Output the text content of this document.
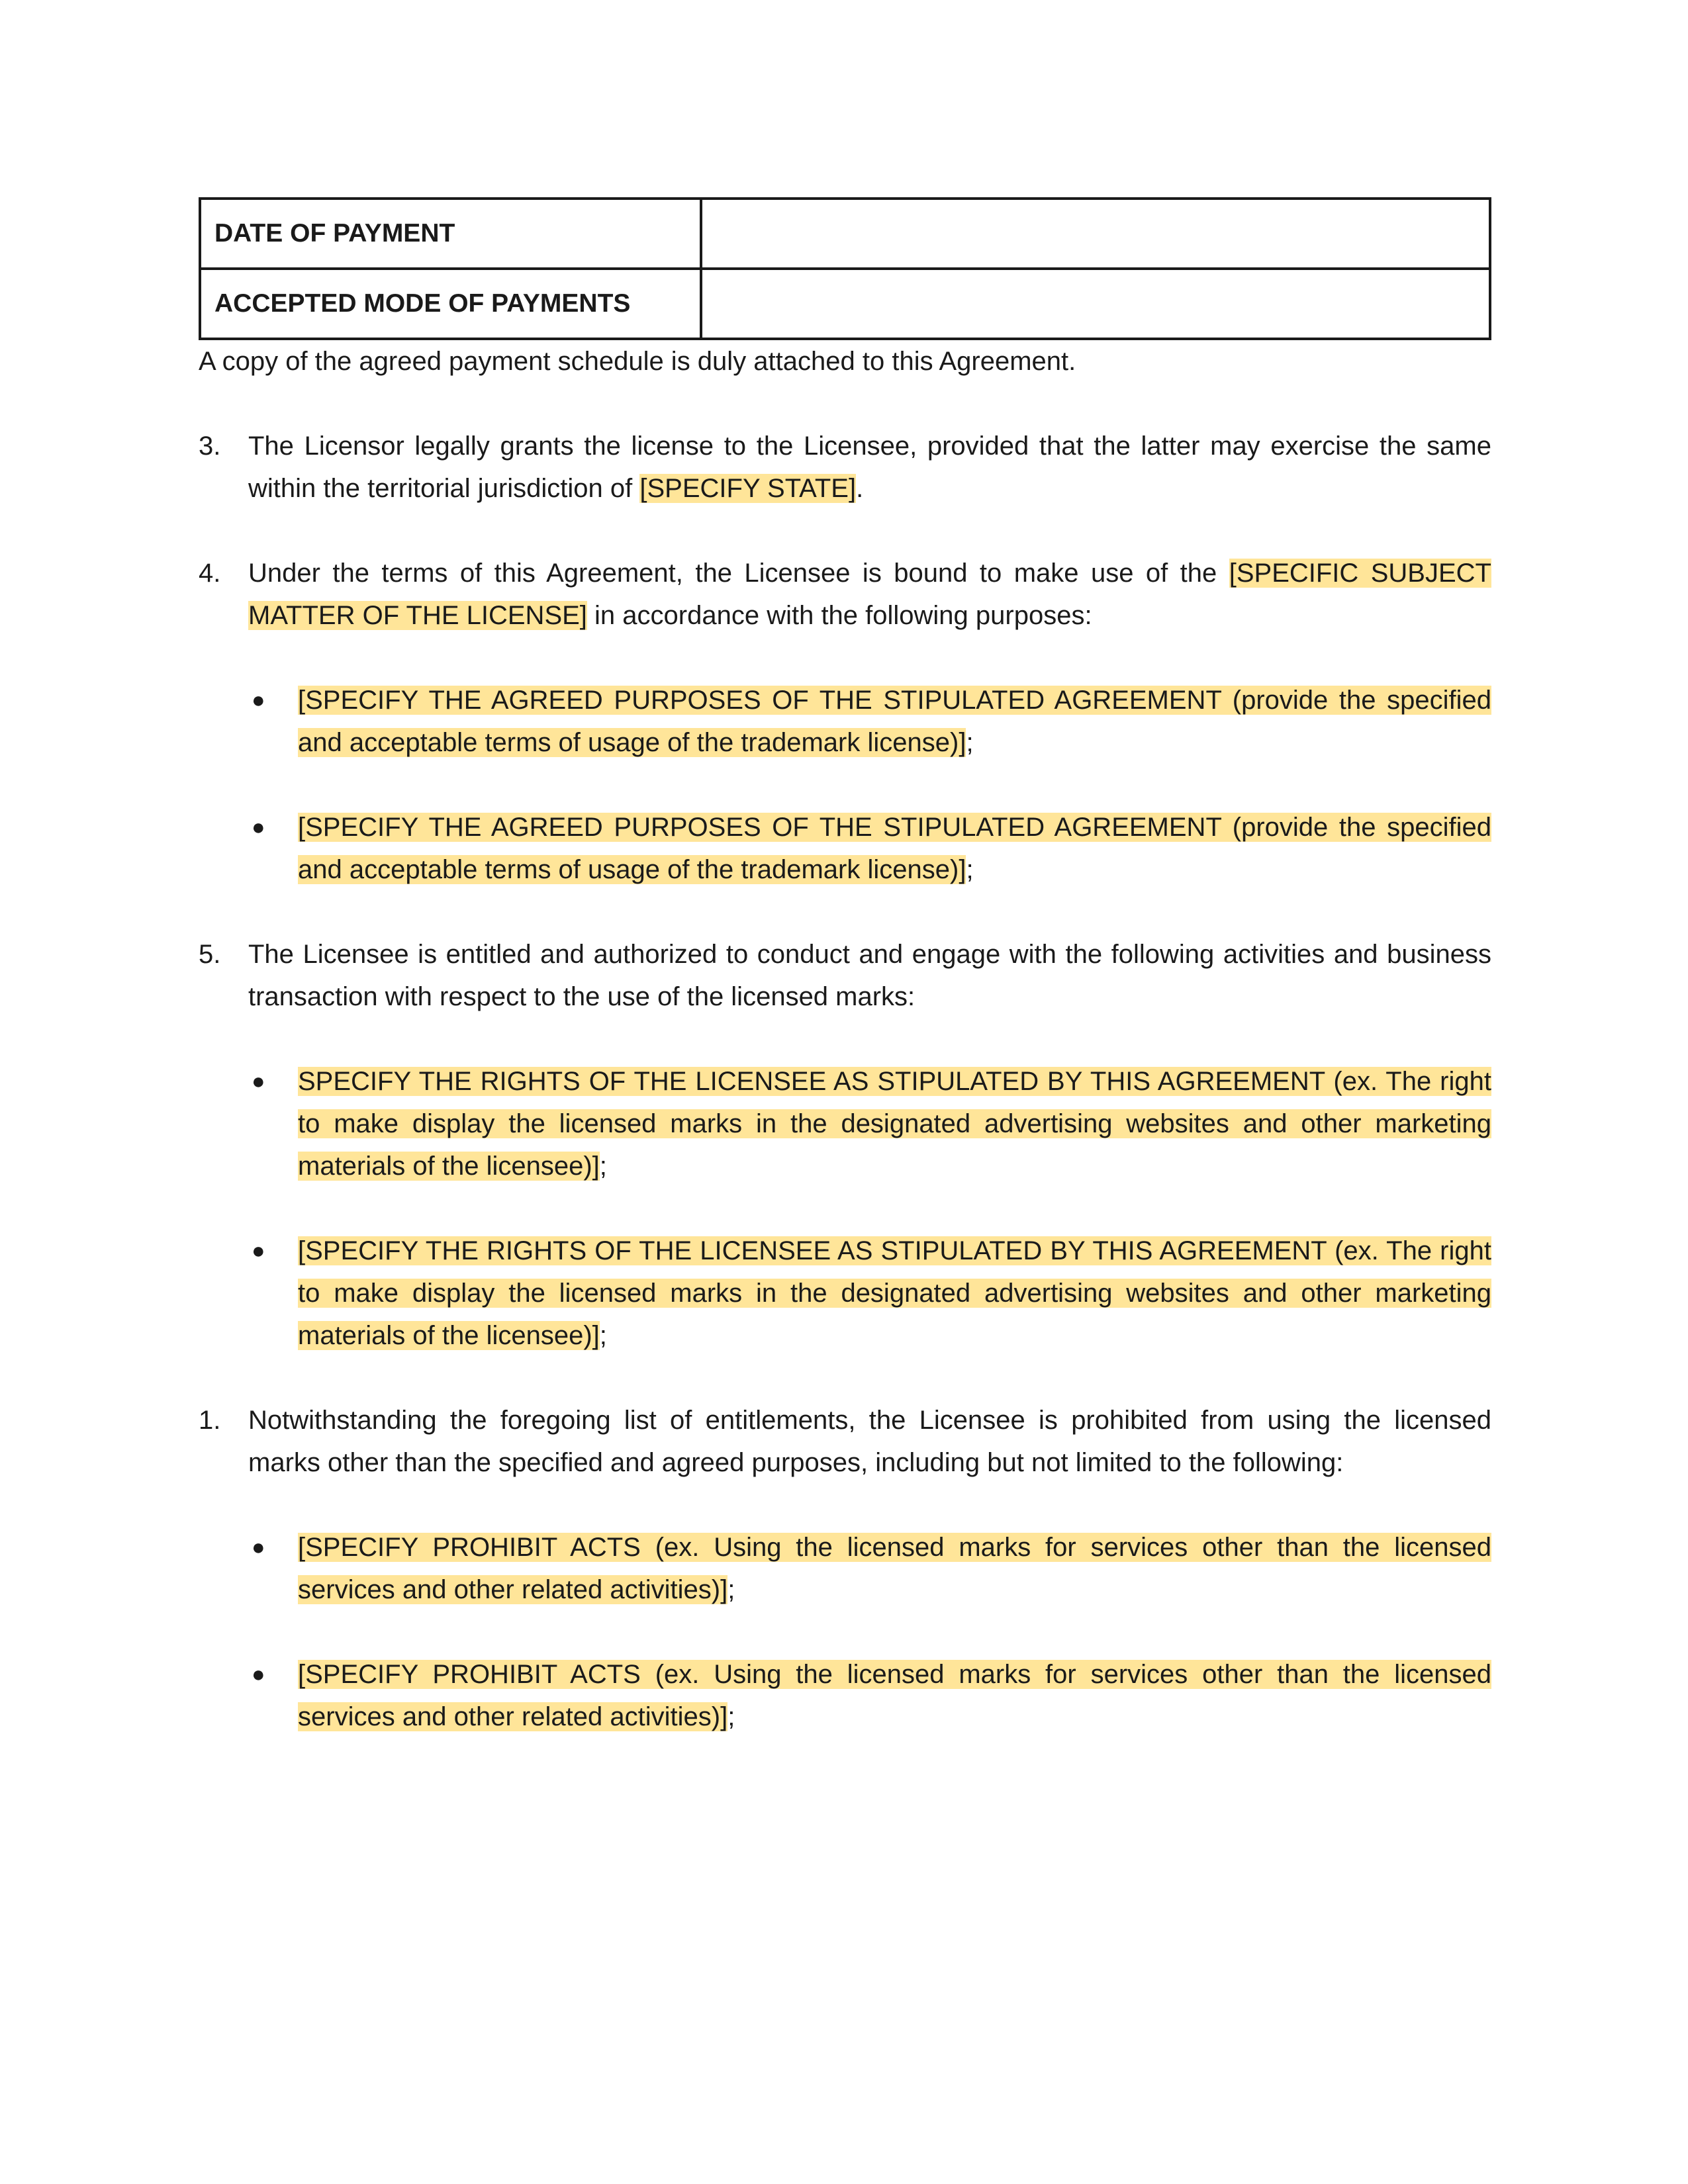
DATE OF PAYMENT	
ACCEPTED MODE OF PAYMENTS	

A copy of the agreed payment schedule is duly attached to this Agreement.

3. The Licensor legally grants the license to the Licensee, provided that the latter may exercise the same within the territorial jurisdiction of [SPECIFY STATE].
4. Under the terms of this Agreement, the Licensee is bound to make use of the [SPECIFIC SUBJECT MATTER OF THE LICENSE] in accordance with the following purposes:
● [SPECIFY THE AGREED PURPOSES OF THE STIPULATED AGREEMENT (provide the specified and acceptable terms of usage of the trademark license)];
● [SPECIFY THE AGREED PURPOSES OF THE STIPULATED AGREEMENT (provide the specified and acceptable terms of usage of the trademark license)];
5. The Licensee is entitled and authorized to conduct and engage with the following activities and business transaction with respect to the use of the licensed marks:
● SPECIFY THE RIGHTS OF THE LICENSEE AS STIPULATED BY THIS AGREEMENT (ex. The right to make display the licensed marks in the designated advertising websites and other marketing materials of the licensee)];
● [SPECIFY THE RIGHTS OF THE LICENSEE AS STIPULATED BY THIS AGREEMENT (ex. The right to make display the licensed marks in the designated advertising websites and other marketing materials of the licensee)];
1. Notwithstanding the foregoing list of entitlements, the Licensee is prohibited from using the licensed marks other than the specified and agreed purposes, including but not limited to the following:
● [SPECIFY PROHIBIT ACTS (ex. Using the licensed marks for services other than the licensed services and other related activities)];
● [SPECIFY PROHIBIT ACTS (ex. Using the licensed marks for services other than the licensed services and other related activities)];
